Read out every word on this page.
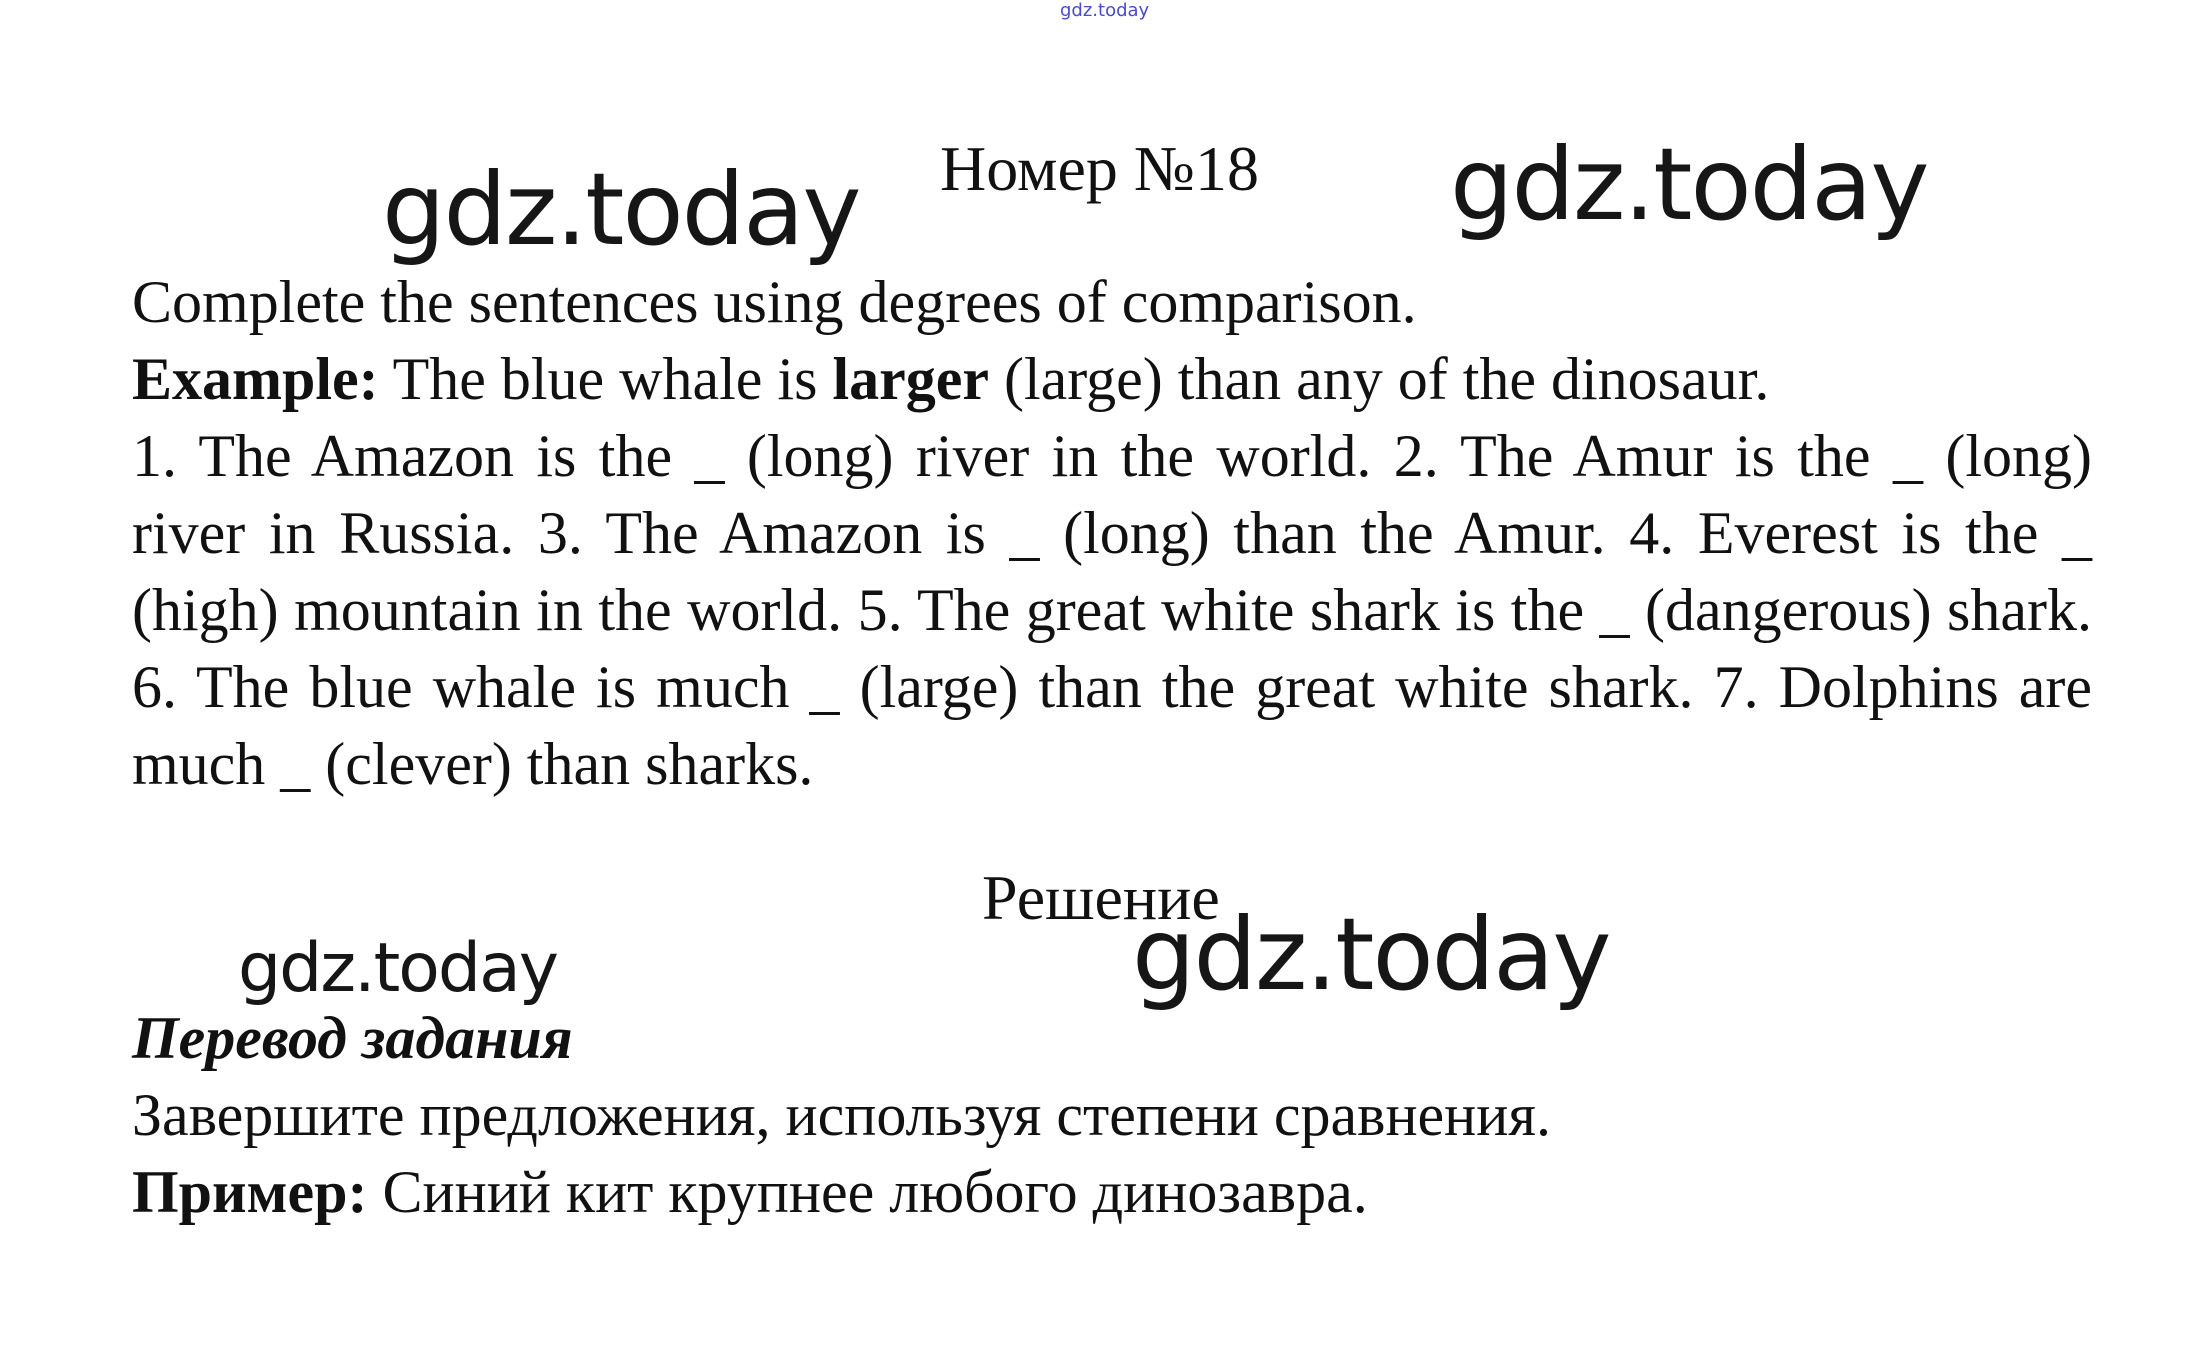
gdz.today
gdz.today	gdz.today
Номер №18

Complete the sentences using degrees of comparison.

Example: The blue whale is larger (large) than any of the dinosaur.

1. The Amazon is the _ (long) river in the world. 2. The Amur is the _ (long) river in Russia. 3. The Amazon is _ (long) than the Amur. 4. Everest is the _ (high) mountain in the world. 5. The great white shark is the _ (dangerous) shark. 6. The blue whale is much _ (large) than the great white shark. 7. Dolphins are much _ (clever) than sharks.

Решение
gdz.today	gdz.today

Перевод задания

Завершите предложения, используя степени сравнения.

Пример: Синий кит крупнее любого динозавра.
